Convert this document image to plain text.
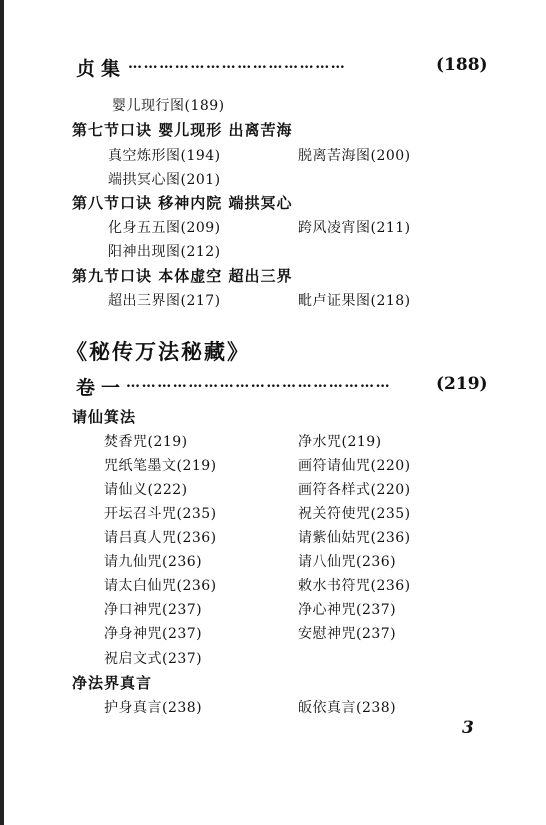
贞集 ……………………………………	(188)
婴儿现行图(189)
第七节口诀 婴儿现形 出离苦海
真空炼形图(194)	脱离苦海图(200)
端拱冥心图(201)
第八节口诀 移神内院 端拱冥心
化身五五图(209)	跨风凌宵图(211)
阳神出现图(212)
第九节口诀 本体虚空 超出三界
超出三界图(217)	毗卢证果图(218)
《秘传万法秘藏》
卷一 ……………………………………………	(219)
请仙箕法
焚香咒(219)	净水咒(219)
咒纸笔墨文(219)	画符请仙咒(220)
请仙义(222)	画符各样式(220)
开坛召斗咒(235)	祝关符使咒(235)
请吕真人咒(236)	请紫仙姑咒(236)
请九仙咒(236)	请八仙咒(236)
请太白仙咒(236)	敕水书符咒(236)
净口神咒(237)	净心神咒(237)
净身神咒(237)	安慰神咒(237)
祝启文式(237)
净法界真言
护身真言(238)	皈依真言(238)
3
